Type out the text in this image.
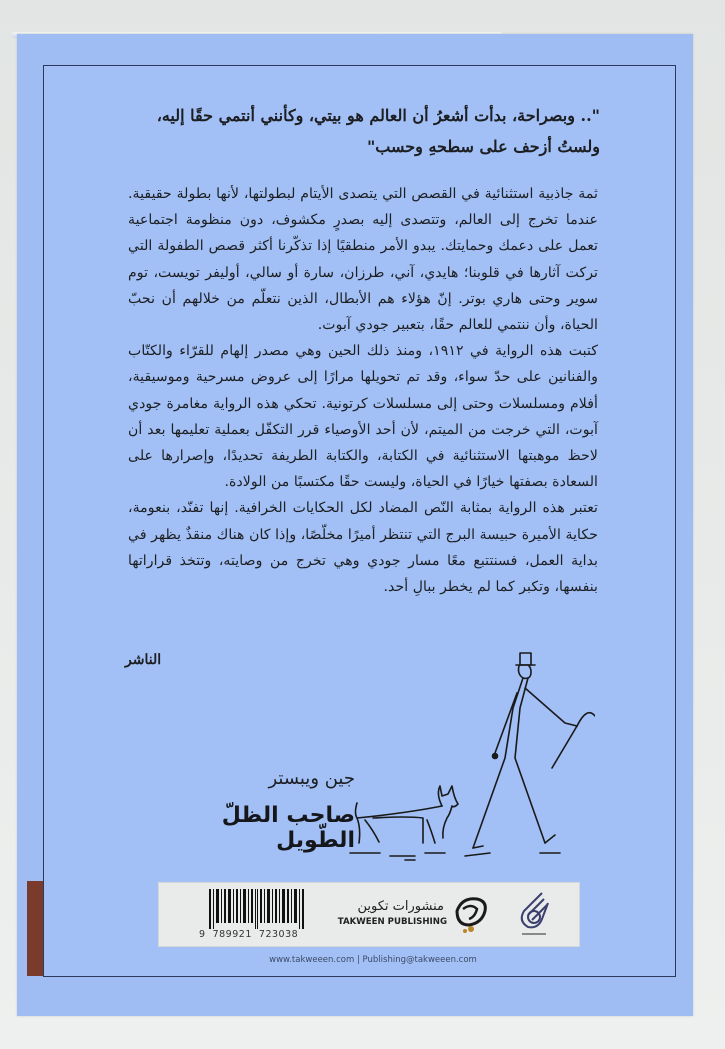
".. وبصراحة، بدأت أشعرُ أن العالم هو بيتي، وكأنني أنتمي حقًا إليه، ولستُ أزحف على سطحهِ وحسب"

ثمة جاذبية استثنائية في القصص التي يتصدى الأيتام لبطولتها، لأنها بطولة حقيقية. عندما تخرج إلى العالم، وتتصدى إليه بصدرٍ مكشوف، دون منظومة اجتماعية تعمل على دعمك وحمايتك. يبدو الأمر منطقيًا إذا تذكّرنا أكثر قصص الطفولة التي تركت آثارها في قلوبنا؛ هايدي، آني، طرزان، سارة أو سالي، أوليفر تويست، توم سوير وحتى هاري بوتر. إنّ هؤلاء هم الأبطال، الذين نتعلّم من خلالهم أن نحبّ الحياة، وأن ننتمي للعالم حقًا، بتعبير جودي آبوت.

كتبت هذه الرواية في ١٩١٢، ومنذ ذلك الحين وهي مصدر إلهام للقرّاء والكتّاب والفنانين على حدّ سواء، وقد تم تحويلها مرارًا إلى عروض مسرحية وموسيقية، أفلام ومسلسلات وحتى إلى مسلسلات كرتونية. تحكي هذه الرواية مغامرة جودي آبوت، التي خرجت من الميتم، لأن أحد الأوصياء قرر التكفّل بعملية تعليمها بعد أن لاحظ موهبتها الاستثنائية في الكتابة، والكتابة الطريفة تحديدًا، وإصرارها على السعادة بصفتها خيارًا في الحياة، وليست حقًا مكتسبًا من الولادة.

تعتبر هذه الرواية بمثابة النّص المضاد لكل الحكايات الخرافية. إنها تفنّد، بنعومة، حكاية الأميرة حبيسة البرج التي تنتظر أميرًا مخلّصًا، وإذا كان هناك منقذٌ يظهر في بداية العمل، فسنتتبع معًا مسار جودي وهي تخرج من وصايته، وتتخذ قراراتها بنفسها، وتكبر كما لم يخطر ببالِ أحد.

الناشر
جين ويبستر
صاحب الظلّ الطّويل
9 789921 723038
منشورات تكوين
TAKWEEN PUBLISHING
www.takweeen.com | Publishing@takweeen.com
